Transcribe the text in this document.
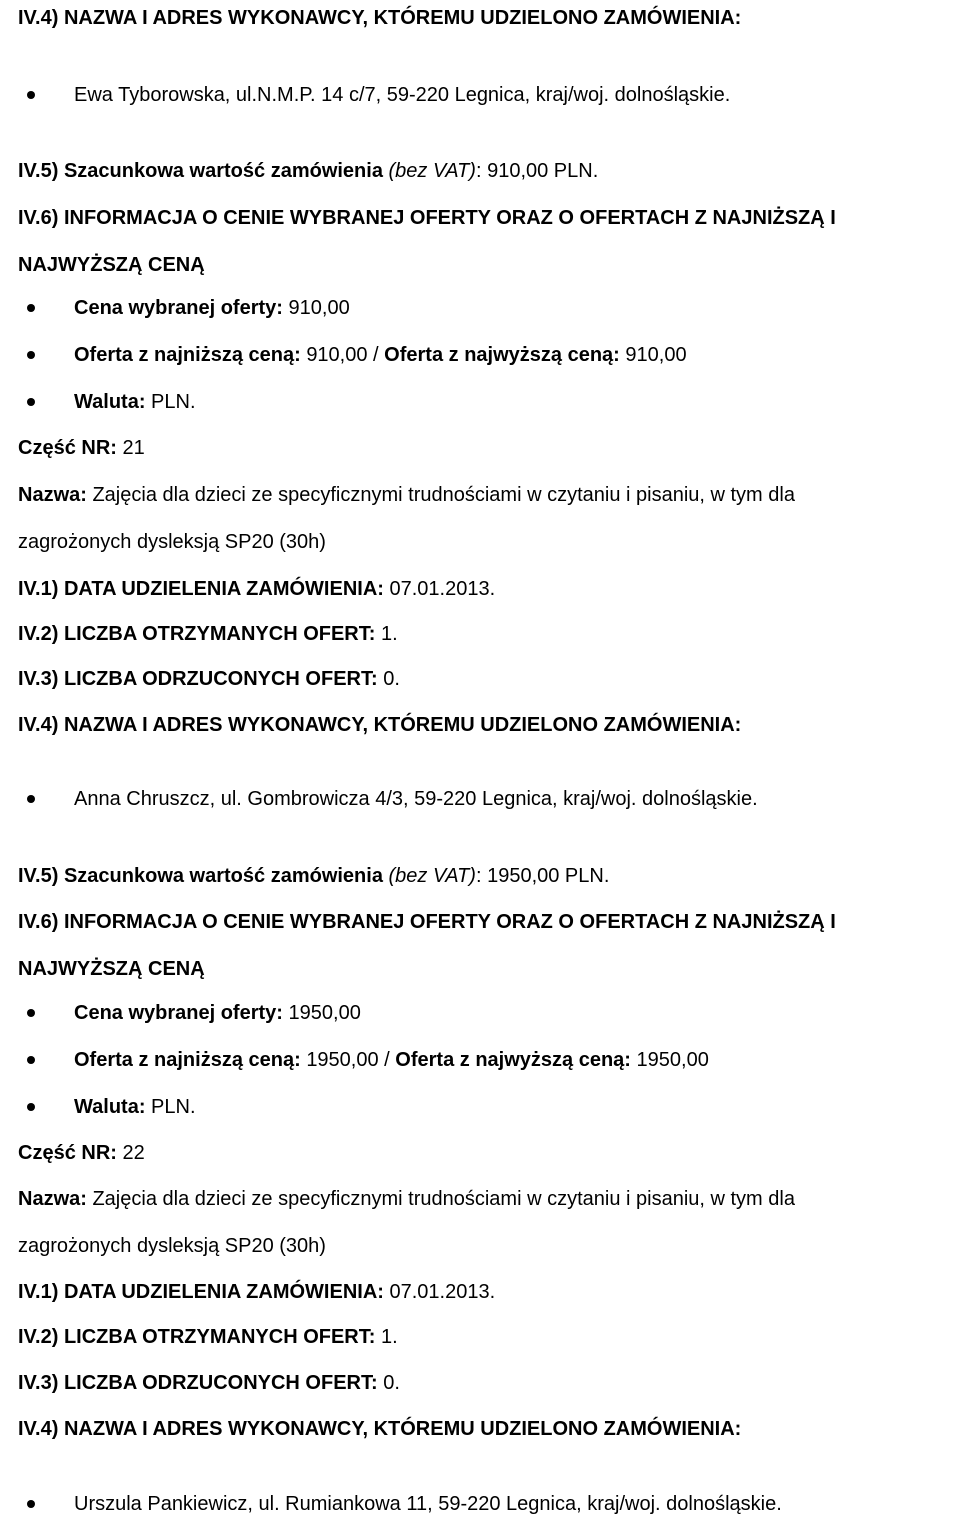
IV.4) NAZWA I ADRES WYKONAWCY, KTÓREMU UDZIELONO ZAMÓWIENIA:
Ewa Tyborowska, ul.N.M.P. 14 c/7, 59-220 Legnica, kraj/woj. dolnośląskie.
IV.5) Szacunkowa wartość zamówienia (bez VAT): 910,00 PLN.
IV.6) INFORMACJA O CENIE WYBRANEJ OFERTY ORAZ O OFERTACH Z NAJNIŻSZĄ I
NAJWYŻSZĄ CENĄ
Cena wybranej oferty: 910,00
Oferta z najniższą ceną: 910,00 / Oferta z najwyższą ceną: 910,00
Waluta: PLN.
Część NR: 21
Nazwa: Zajęcia dla dzieci ze specyficznymi trudnościami w czytaniu i pisaniu, w tym dla
zagrożonych dysleksją SP20 (30h)
IV.1) DATA UDZIELENIA ZAMÓWIENIA: 07.01.2013.
IV.2) LICZBA OTRZYMANYCH OFERT: 1.
IV.3) LICZBA ODRZUCONYCH OFERT: 0.
IV.4) NAZWA I ADRES WYKONAWCY, KTÓREMU UDZIELONO ZAMÓWIENIA:
Anna Chruszcz, ul. Gombrowicza 4/3, 59-220 Legnica, kraj/woj. dolnośląskie.
IV.5) Szacunkowa wartość zamówienia (bez VAT): 1950,00 PLN.
IV.6) INFORMACJA O CENIE WYBRANEJ OFERTY ORAZ O OFERTACH Z NAJNIŻSZĄ I
NAJWYŻSZĄ CENĄ
Cena wybranej oferty: 1950,00
Oferta z najniższą ceną: 1950,00 / Oferta z najwyższą ceną: 1950,00
Waluta: PLN.
Część NR: 22
Nazwa: Zajęcia dla dzieci ze specyficznymi trudnościami w czytaniu i pisaniu, w tym dla
zagrożonych dysleksją SP20 (30h)
IV.1) DATA UDZIELENIA ZAMÓWIENIA: 07.01.2013.
IV.2) LICZBA OTRZYMANYCH OFERT: 1.
IV.3) LICZBA ODRZUCONYCH OFERT: 0.
IV.4) NAZWA I ADRES WYKONAWCY, KTÓREMU UDZIELONO ZAMÓWIENIA:
Urszula Pankiewicz, ul. Rumiankowa 11, 59-220 Legnica, kraj/woj. dolnośląskie.
